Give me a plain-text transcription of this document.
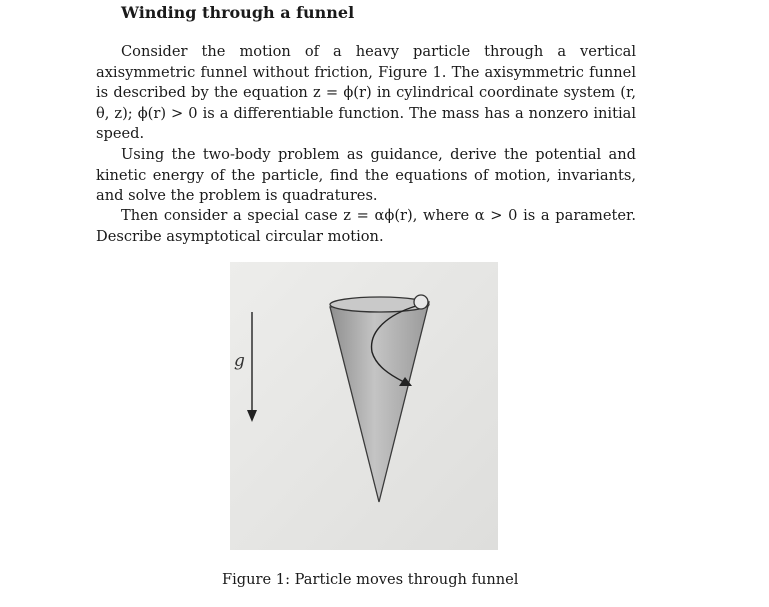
Winding through a funnel

Consider the motion of a heavy particle through a vertical axisymmetric funnel without friction, Figure 1. The axisymmetric funnel is described by the equation z = ϕ(r) in cylindrical coordinate system (r, θ, z); ϕ(r) > 0 is a differentiable function. The mass has a nonzero initial speed.

Using the two-body problem as guidance, derive the potential and kinetic energy of the particle, find the equations of motion, invariants, and solve the problem is quadratures.

Then consider a special case z = αϕ(r), where α > 0 is a parameter. Describe asymptotical circular motion.

g

Figure 1: Particle moves through funnel
